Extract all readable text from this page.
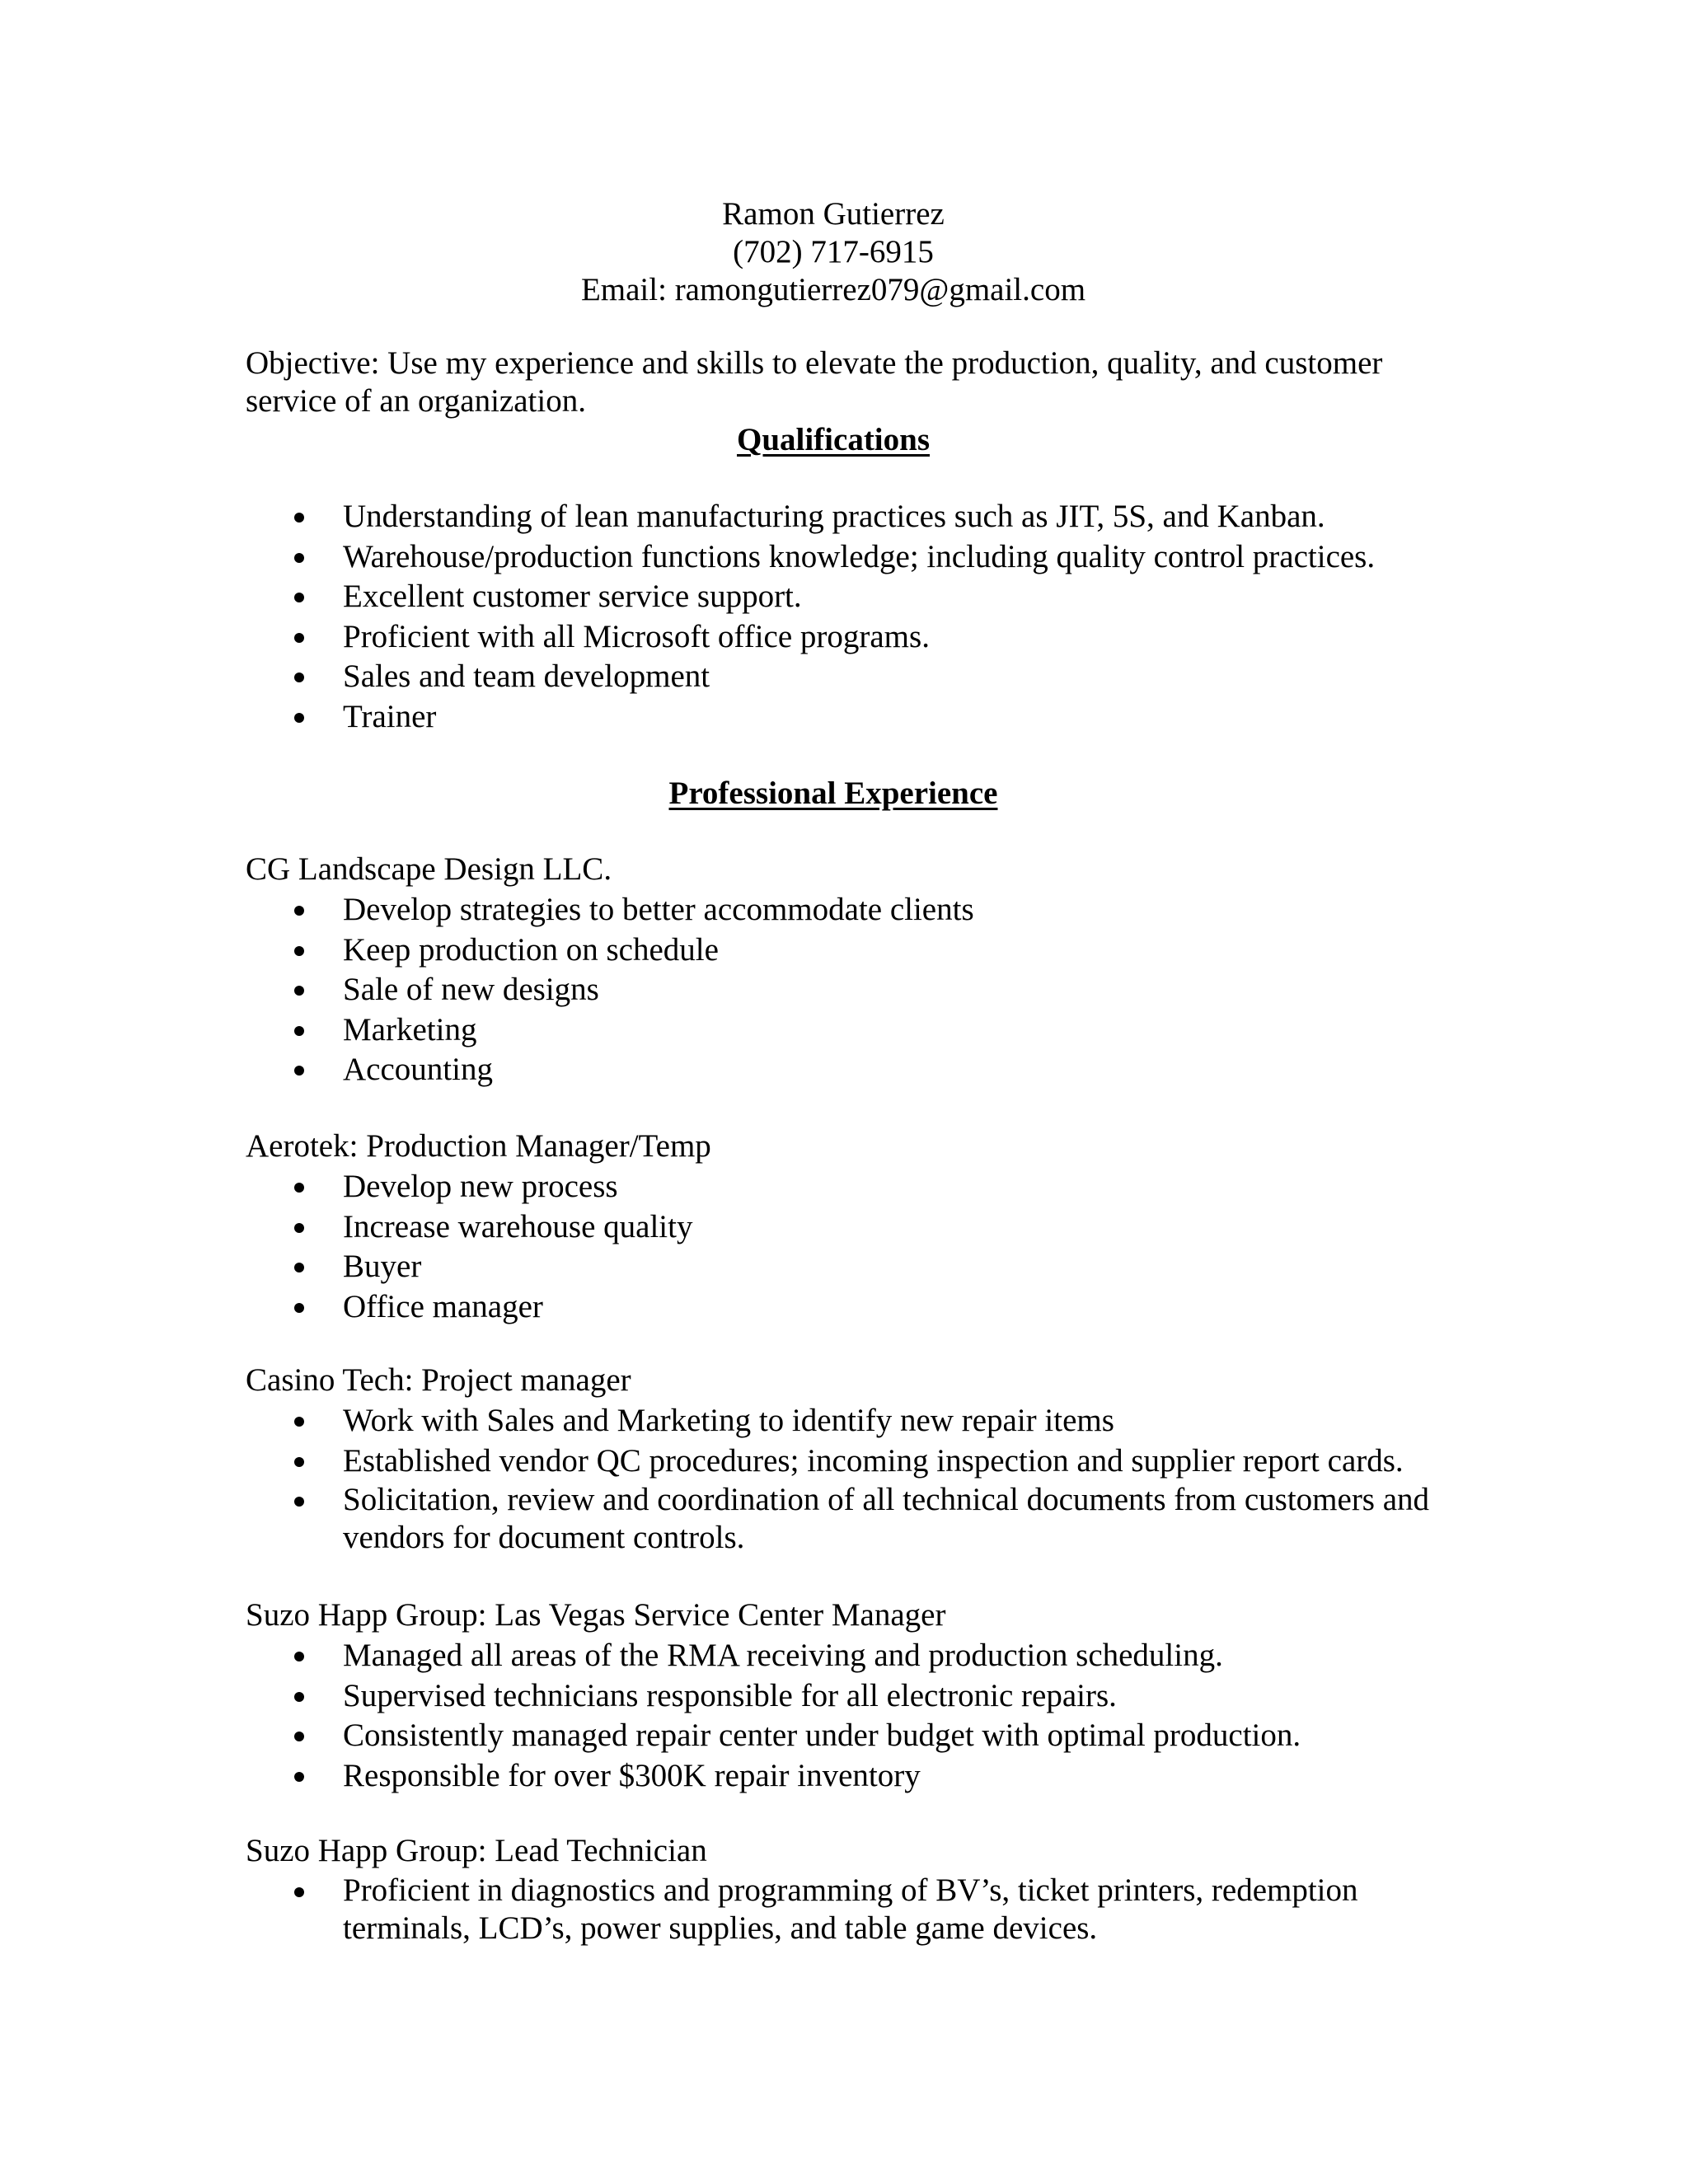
Ramon Gutierrez
(702) 717-6915
Email: ramongutierrez079@gmail.com
Objective: Use my experience and skills to elevate the production, quality, and customer service of an organization.
Qualifications
Understanding of lean manufacturing practices such as JIT, 5S, and Kanban.
Warehouse/production functions knowledge; including quality control practices.
Excellent customer service support.
Proficient with all Microsoft office programs.
Sales and team development
Trainer
Professional Experience
CG Landscape Design LLC.
Develop strategies to better accommodate clients
Keep production on schedule
Sale of new designs
Marketing
Accounting
Aerotek: Production Manager/Temp
Develop new process
Increase warehouse quality
Buyer
Office manager
Casino Tech: Project manager
Work with Sales and Marketing to identify new repair items
Established vendor QC procedures; incoming inspection and supplier report cards.
Solicitation, review and coordination of all technical documents from customers and vendors for document controls.
Suzo Happ Group: Las Vegas Service Center Manager
Managed all areas of the RMA receiving and production scheduling.
Supervised technicians responsible for all electronic repairs.
Consistently managed repair center under budget with optimal production.
Responsible for over $300K repair inventory
Suzo Happ Group: Lead Technician
Proficient in diagnostics and programming of BV’s, ticket printers, redemption terminals, LCD’s, power supplies, and table game devices.
